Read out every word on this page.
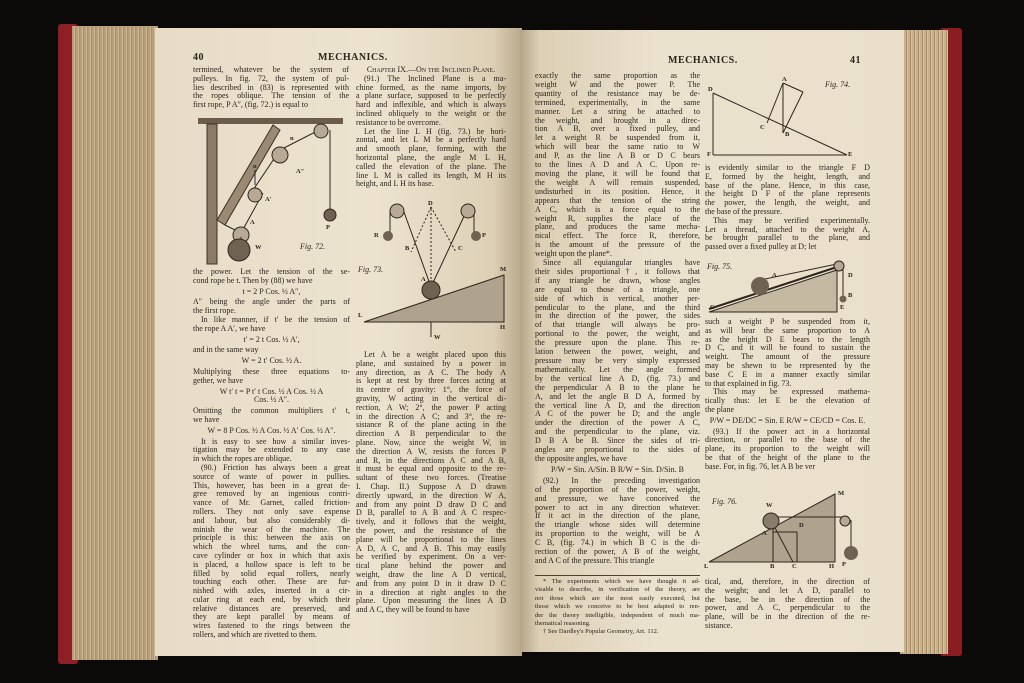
40	MECHANICS.
termined, whatever be the system of
pulleys. In fig. 72, the system of pul-
lies described in (83) is represented with
the ropes oblique. The tension of the
first rope, P A″, (fig. 72.) is equal to
n
n
A″
A′
A
P
W	Fig. 72.
the power. Let the tension of the se-
cond rope be t. Then by (88) we have
t = 2 P Cos. ½ A″,
A″ being the angle under the parts of
the first rope.
In like manner, if t′ be the tension of
the rope A A′, we have
t′ = 2 t Cos. ½ A′,
and in the same way
W = 2 t′ Cos. ½ A.
Multiplying these three equations to-
gether, we have
W t′ t = P t′ t Cos. ½ A Cos. ½ A
Cos. ½ A″.
Omitting the common multipliers t′ t,
we have
W = 8 P Cos. ½ A Cos. ½ A′ Cos. ½ A″.
It is easy to see how a similar inves-
tigation may be extended to any case
in which the ropes are oblique.
(90.) Friction has always been a great
source of waste of power in pullies.
This, however, has been in a great de-
gree removed by an ingenious contri-
vance of Mr. Garnet, called friction-
rollers. They not only save expense
and labour, but also considerably di-
minish the wear of the machine. The
principle is this: between the axis on
which the wheel turns, and the con-
cave cylinder or box in which that axis
is placed, a hollow space is left to be
filled by solid equal rollers, nearly
touching each other. These are fur-
nished with axles, inserted in a cir-
cular ring at each end, by which their
relative distances are preserved, and
they are kept parallel by means of
wires fastened to the rings between the
rollers, and which are rivetted to them.
Chapter IX.—On the Inclined Plane.
(91.) The Inclined Plane is a ma-
chine formed, as the name imports, by
a plane surface, supposed to be perfectly
hard and inflexible, and which is always
inclined obliquely to the weight or the
resistance to be overcome.
Let the line L H (fig. 73.) be hori-
zontal, and let L M be a perfectly hard
and smooth plane, forming, with the
horizontal plane, the angle M L H,
called the elevation of the plane. The
line L M is called its length, M H its
height, and L H its base.
D
R	P
B	C
A
L
M
H
W
Fig. 73.
Let A be a weight placed upon this
plane, and sustained by a power in
any direction, as A C. The body A
is kept at rest by three forces acting at
its centre of gravity: 1°, the force of
gravity, W acting in the vertical di-
rection, A W; 2°, the power P acting
in the direction A C; and 3°, the re-
sistance R of the plane acting in the
direction A B perpendicular to the
plane. Now, since the weight W, in
the direction A W, resists the forces P
and R, in the directions A C and A B,
it must be equal and opposite to the re-
sultant of these two forces. (Treatise
I. Chap. II.) Suppose A D drawn
directly upward, in the direction W A,
and from any point D draw D C and
D B, parallel to A B and A C respec-
tively, and it follows that the weight,
the power, and the resistance of the
plane will be proportional to the lines
A D, A C, and A B. This may easily
be verified by experiment. On a ver-
tical plane behind the power and
weight, draw the line A D vertical,
and from any point D in it draw D C
in a direction at right angles to the
plane. Upon measuring the lines A D
and A C, they will be found to have
MECHANICS.	41
exactly the same proportion as the
weight W and the power P. The
quantity of the resistance may be de-
termined, experimentally, in the same
manner. Let a string be attached to
the weight, and brought in a direc-
tion A B, over a fixed pulley, and
let a weight R be suspended from it,
which will bear the same ratio to W
and P, as the line A B or D C bears
to the lines A D and A C. Upon re-
moving the plane, it will be found that
the weight A will remain suspended,
undisturbed in its position. Hence, it
appears that the tension of the string
A C, which is a force equal to the
weight R, supplies the place of the
plane, and produces the same mecha-
nical effect. The force R, therefore,
is the amount of the pressure of the
weight upon the plane*.
Since all equiangular triangles have
their sides proportional†, it follows that
if any triangle be drawn, whose angles
are equal to those of a triangle, one
side of which is vertical, another per-
pendicular to the plane, and the third
in the direction of the power, the sides
of that triangle will always be pro-
portional to the power, the weight, and
the pressure upon the plane. This re-
lation between the power, weight, and
pressure may be very simply expressed
mathematically. Let the angle formed
by the vertical line A D, (fig. 73.) and
the perpendicular A B to the plane be
A, and let the angle B D A, formed by
the vertical line A D, and the direction
A C of the power be D; and the angle
under the direction of the power A C,
and the perpendicular to the plane, viz.
D B A be B. Since the sides of tri-
angles are proportional to the sides of
the opposite angles, we have
P/W = Sin. A/Sin. B R/W = Sin. D/Sin. B
(92.) In the preceding investigation
of the proportion of the power, weight,
and pressure, we have conceived the
power to act in any direction whatever.
If it act in the direction of the plane,
the triangle whose sides will determine
its proportion to the weight, will be A
C B, (fig. 74.) in which B C is the di-
rection of the power, A B of the weight,
and A C of the pressure. This triangle
* The experiments which we have thought it ad-
visable to describe, in verification of the theory, are
not those which are the most easily executed, but
those which we conceive to be best adapted to ren-
der the theory intelligible, independent of much ma-
thematical reasoning.
† See Dardley's Popular Geometry, Art. 112.
A
D
C
B
F	E
Fig. 74.
is evidently similar to the triangle F D
E, formed by the height, length, and
base of the plane. Hence, in this case,
the height D F of the plane represents
the power, the length, the weight, and
the base of the pressure.
This may be verified experimentally.
Let a thread, attached to the weight A,
be brought parallel to the plane, and
passed over a fixed pulley at D; let
A	D
B
C	E
Fig. 75.
such a weight P be suspended from it,
as will bear the same proportion to A
as the height D E bears to the length
D C, and it will be found to sustain the
weight. The amount of the pressure
may be shewn to be represented by the
base C E in a manner exactly similar
to that explained in fig. 73.
This may be expressed mathema-
tically thus: let E be the elevation of
the plane
P/W = DE/DC = Sin. E R/W = CE/CD = Cos. E.
(93.) If the power act in a horizontal
direction, or parallel to the base of the
plane, its proportion to the weight will
be that of the height of the plane to the
base. For, in fig. 76, let A B be ver
M
W
A
D
L	B	C	H P
Fig. 76.
tical, and, therefore, in the direction of
the weight; and let A D, parallel to
the base, be in the direction of the
power, and A C, perpendicular to the
plane, will be in the direction of the re-
sistance.
